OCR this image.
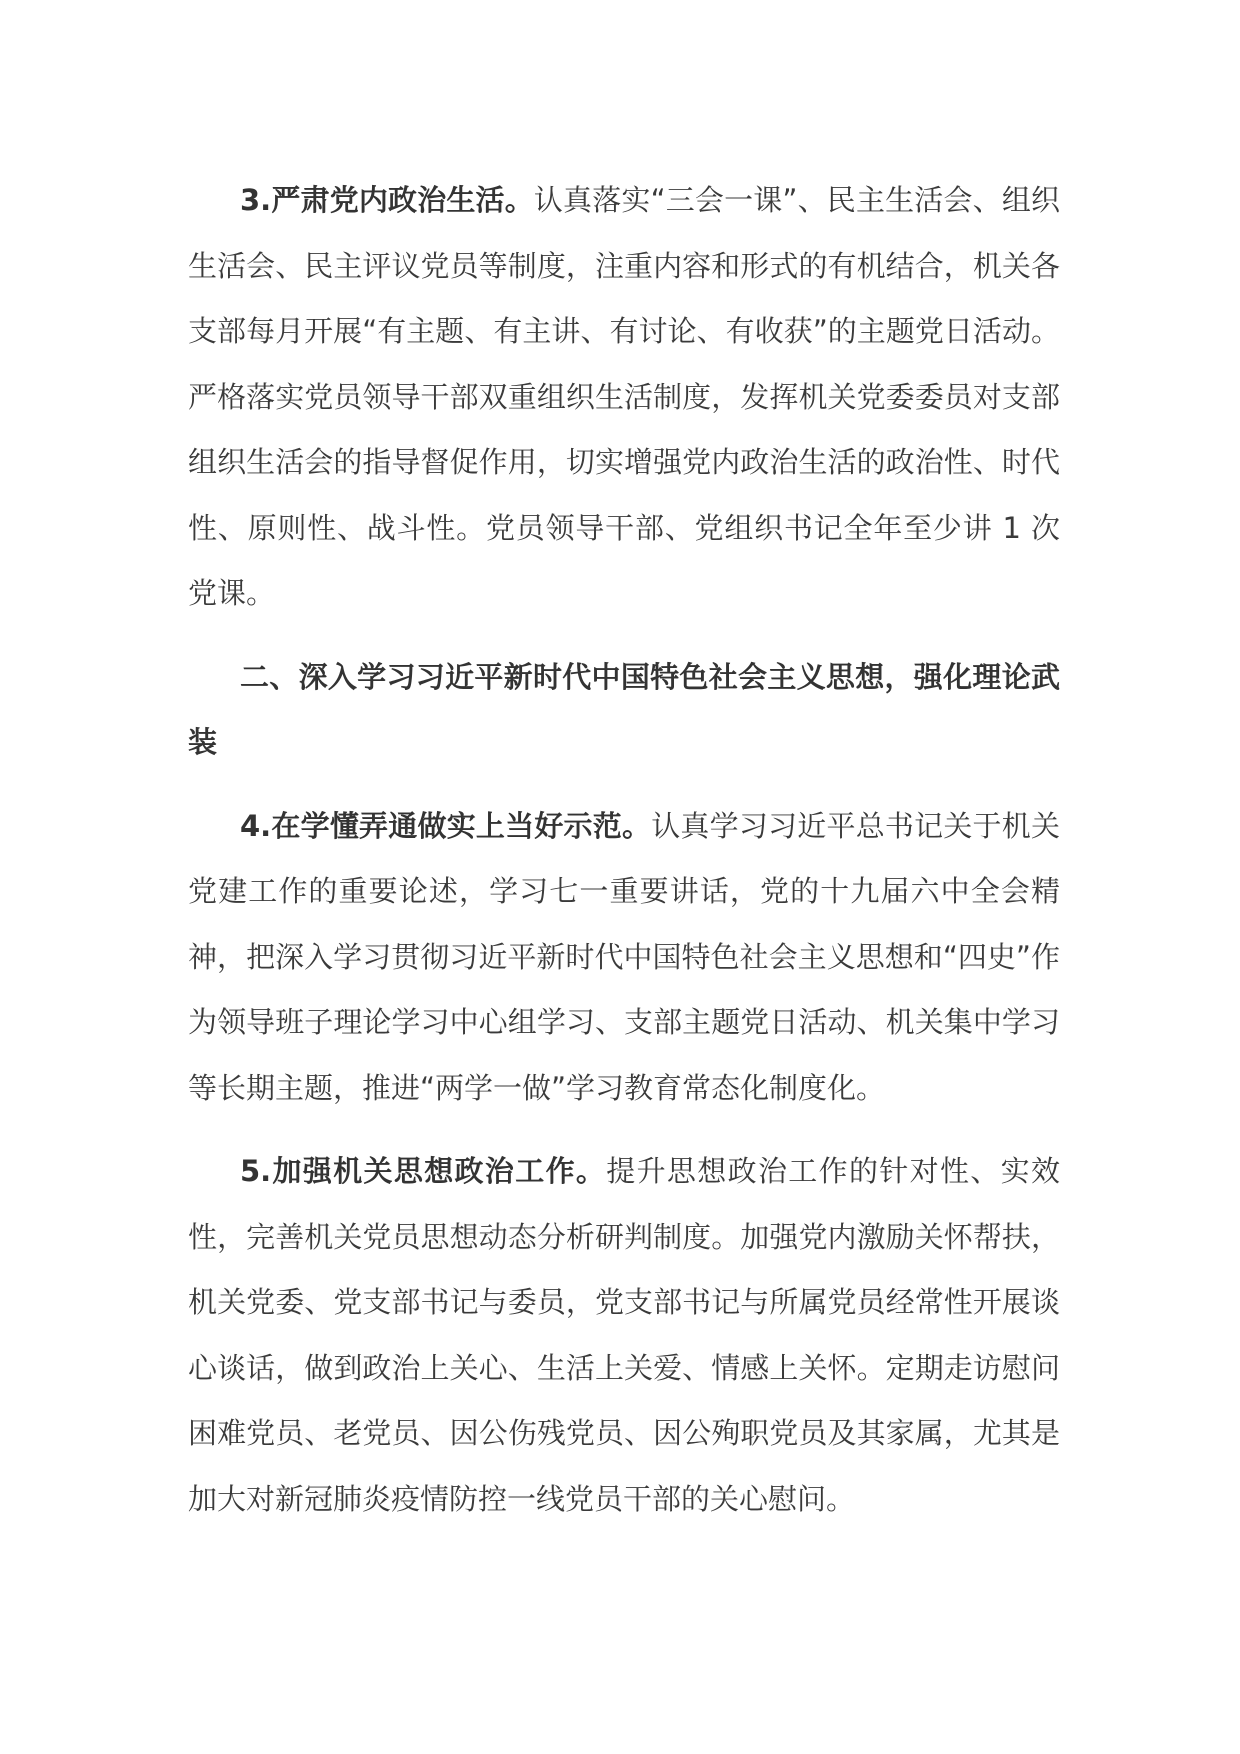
3.严肃党内政治生活。认真落实“三会一课”、民主生活会、组织生活会、民主评议党员等制度，注重内容和形式的有机结合，机关各支部每月开展“有主题、有主讲、有讨论、有收获”的主题党日活动。严格落实党员领导干部双重组织生活制度，发挥机关党委委员对支部组织生活会的指导督促作用，切实增强党内政治生活的政治性、时代性、原则性、战斗性。党员领导干部、党组织书记全年至少讲 1 次党课。

二、深入学习习近平新时代中国特色社会主义思想，强化理论武装

4.在学懂弄通做实上当好示范。认真学习习近平总书记关于机关党建工作的重要论述，学习七一重要讲话，党的十九届六中全会精神，把深入学习贯彻习近平新时代中国特色社会主义思想和“四史”作为领导班子理论学习中心组学习、支部主题党日活动、机关集中学习等长期主题，推进“两学一做”学习教育常态化制度化。

5.加强机关思想政治工作。提升思想政治工作的针对性、实效性，完善机关党员思想动态分析研判制度。加强党内激励关怀帮扶，机关党委、党支部书记与委员，党支部书记与所属党员经常性开展谈心谈话，做到政治上关心、生活上关爱、情感上关怀。定期走访慰问困难党员、老党员、因公伤残党员、因公殉职党员及其家属，尤其是加大对新冠肺炎疫情防控一线党员干部的关心慰问。
